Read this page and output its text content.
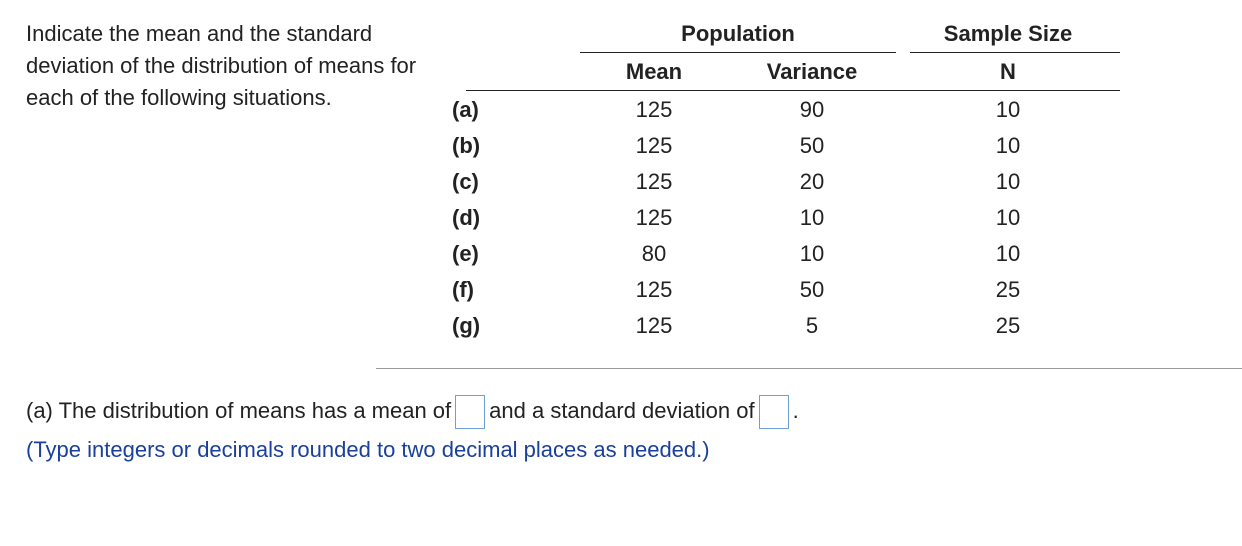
Indicate the mean and the standard deviation of the distribution of means for each of the following situations.

Population	Sample Size
Mean	Variance	N
(a)	125	90	10
(b)	125	50	10
(c)	125	20	10
(d)	125	10	10
(e)	80	10	10
(f)	125	50	25
(g)	125	5	25
(a) The distribution of means has a mean of and a standard deviation of .
(Type integers or decimals rounded to two decimal places as needed.)
